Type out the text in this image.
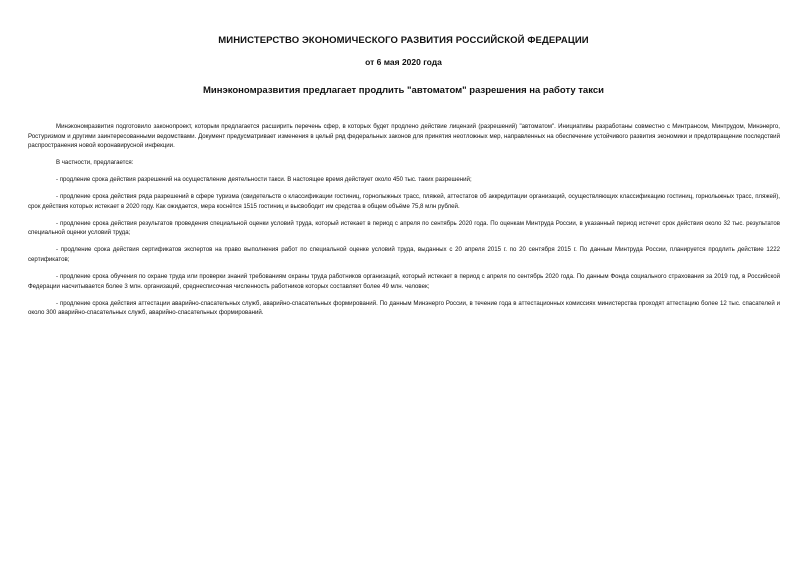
МИНИСТЕРСТВО ЭКОНОМИЧЕСКОГО РАЗВИТИЯ РОССИЙСКОЙ ФЕДЕРАЦИИ
от 6 мая 2020 года
Минэкономразвития предлагает продлить "автоматом" разрешения на работу такси

Минэкономразвития подготовило законопроект, которым предлагается расширить перечень сфер, в которых будет продлено действие лицензий (разрешений) "автоматом". Инициативы разработаны совместно с Минтрансом, Минтрудом, Минэнерго, Ростуризмом и другими заинтересованными ведомствами. Документ предусматривает изменения в целый ряд федеральных законов для принятия неотложных мер, направленных на обеспечение устойчивого развития экономики и предотвращение последствий распространения новой коронавирусной инфекции.

В частности, предлагается:

- продление срока действия разрешений на осуществление деятельности такси. В настоящее время действует около 450 тыс. таких разрешений;

- продление срока действия ряда разрешений в сфере туризма (свидетельств о классификации гостиниц, горнолыжных трасс, пляжей, аттестатов об аккредитации организаций, осуществляющих классификацию гостиниц, горнолыжных трасс, пляжей), срок действия которых истекает в 2020 году. Как ожидается, мера коснётся 1515 гостиниц и высвободит им средства в общем объёме 75,8 млн рублей.

- продление срока действия результатов проведения специальной оценки условий труда, который истекает в период с апреля по сентябрь 2020 года. По оценкам Минтруда России, в указанный период истечет срок действия около 32 тыс. результатов специальной оценки условий труда;

- продление срока действия сертификатов экспертов на право выполнения работ по специальной оценке условий труда, выданных с 20 апреля 2015 г. по 20 сентября 2015 г. По данным Минтруда России, планируется продлить действие 1222 сертификатов;

- продление срока обучения по охране труда или проверки знаний требованиям охраны труда работников организаций, который истекает в период с апреля по сентябрь 2020 года. По данным Фонда социального страхования за 2019 год, в Российской Федерации насчитывается более 3 млн. организаций, среднесписочная численность работников которых составляет более 49 млн. человек;

- продление срока действия аттестации аварийно-спасательных служб, аварийно-спасательных формирований. По данным Минэнерго России, в течение года в аттестационных комиссиях министерства проходят аттестацию более 12 тыс. спасателей и около 300 аварийно-спасательных служб, аварийно-спасательных формирований.
